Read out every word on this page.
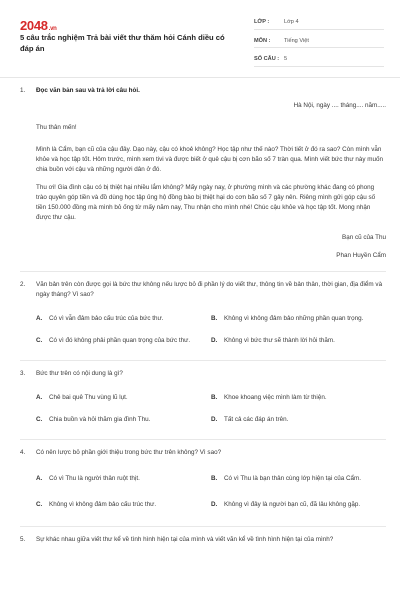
2048.vn
5 câu trắc nghiệm Trả bài viết thư thăm hỏi Cánh diều có đáp án
LỚP :	Lớp 4
MÔN :	Tiếng Việt
SỐ CÂU : 5
1.	Đọc văn bản sau và trả lời câu hỏi.
Hà Nội, ngày .... tháng.... năm.....
Thu thân mến!
Mình là Cẩm, bạn cũ của cậu đây. Dạo này, cậu có khoẻ không? Học tập như thế nào? Thời tiết ở đó ra sao? Còn mình vẫn khỏe và học tập tốt. Hôm trước, mình xem tivi và được biết ở quê cậu bị cơn bão số 7 tràn qua. Mình viết bức thư này muốn chia buồn với cậu và những người dân ở đó.
Thu ơi! Gia đình cậu có bị thiệt hại nhiều lắm không? Mấy ngày nay, ở phường mình và các phường khác đang có phong trào quyên góp tiền và đồ dùng học tập ủng hộ đồng bào bị thiệt hại do cơn bão số 7 gây nên. Riêng mình gửi góp cậu số tiền 150.000 đồng mà mình bỏ ống từ mấy năm nay, Thu nhận cho mình nhé! Chúc cậu khỏe và học tập tốt. Mong nhận được thư cậu.
Bạn cũ của Thu
Phan Huyền Cẩm
2.	Văn bản trên còn được gọi là bức thư không nếu lược bỏ đi phần lý do viết thư, thông tin về bản thân, thời gian, địa điểm và ngày tháng? Vì sao?
A.	Có vì vẫn đảm bảo cấu trúc của bức thư.	B.	Không vì không đảm bảo những phần quan trọng.
C.	Có vì đó không phải phần quan trọng của bức thư.	D.	Không vì bức thư sẽ thành lời hỏi thăm.
3.	Bức thư trên có nội dung là gì?
A.	Chê bai quê Thu vùng lũ lụt.	B.	Khoe khoang việc mình làm từ thiện.
C.	Chia buồn và hỏi thăm gia đình Thu.	D.	Tất cả các đáp án trên.
4.	Có nên lược bỏ phần giới thiệu trong bức thư trên không? Vì sao?
A.	Có vì Thu là người thân ruột thịt.	B.	Có vì Thu là bạn thân cùng lớp hiện tại của Cẩm.
C.	Không vì không đảm bảo cấu trúc thư.	D.	Không vì đây là người bạn cũ, đã lâu không gặp.
5.	Sự khác nhau giữa viết thư kể về tình hình hiện tại của mình và viết văn kể về tình hình hiện tại của mình?
